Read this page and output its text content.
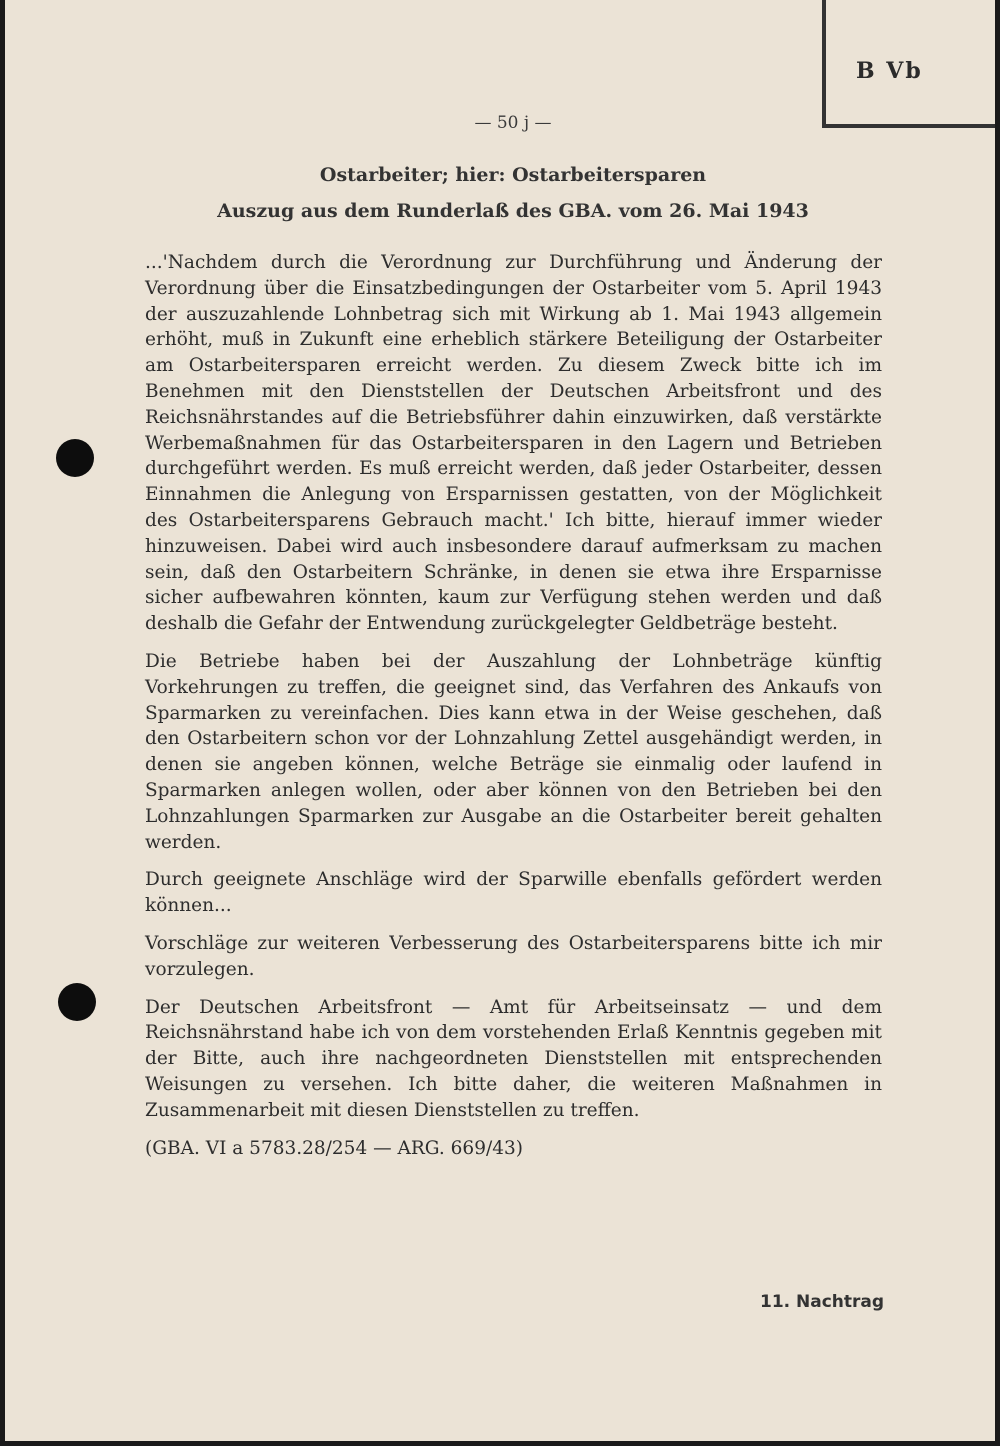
B Vb
— 50 j —
Ostarbeiter; hier: Ostarbeitersparen
Auszug aus dem Runderlaß des GBA. vom 26. Mai 1943

...'Nachdem durch die Verordnung zur Durchführung und Änderung der Verordnung über die Einsatzbedingungen der Ostarbeiter vom 5. April 1943 der auszuzahlende Lohnbetrag sich mit Wirkung ab 1. Mai 1943 allgemein erhöht, muß in Zukunft eine erheblich stärkere Beteiligung der Ostarbeiter am Ostarbeitersparen erreicht werden. Zu diesem Zweck bitte ich im Benehmen mit den Dienststellen der Deutschen Arbeitsfront und des Reichsnährstandes auf die Betriebsführer dahin einzuwirken, daß verstärkte Werbemaßnahmen für das Ostarbeitersparen in den Lagern und Betrieben durchgeführt werden. Es muß erreicht werden, daß jeder Ostarbeiter, dessen Einnahmen die Anlegung von Ersparnissen gestatten, von der Möglichkeit des Ostarbeitersparens Gebrauch macht.' Ich bitte, hierauf immer wieder hinzuweisen. Dabei wird auch insbesondere darauf aufmerksam zu machen sein, daß den Ostarbeitern Schränke, in denen sie etwa ihre Ersparnisse sicher aufbewahren könnten, kaum zur Verfügung stehen werden und daß deshalb die Gefahr der Entwendung zurückgelegter Geldbeträge besteht.

Die Betriebe haben bei der Auszahlung der Lohnbeträge künftig Vorkehrungen zu treffen, die geeignet sind, das Verfahren des Ankaufs von Sparmarken zu vereinfachen. Dies kann etwa in der Weise geschehen, daß den Ostarbeitern schon vor der Lohnzahlung Zettel ausgehändigt werden, in denen sie angeben können, welche Beträge sie einmalig oder laufend in Sparmarken anlegen wollen, oder aber können von den Betrieben bei den Lohnzahlungen Sparmarken zur Ausgabe an die Ostarbeiter bereit gehalten werden.

Durch geeignete Anschläge wird der Sparwille ebenfalls gefördert werden können...

Vorschläge zur weiteren Verbesserung des Ostarbeitersparens bitte ich mir vorzulegen.

Der Deutschen Arbeitsfront — Amt für Arbeitseinsatz — und dem Reichsnährstand habe ich von dem vorstehenden Erlaß Kenntnis gegeben mit der Bitte, auch ihre nachgeordneten Dienststellen mit entsprechenden Weisungen zu versehen. Ich bitte daher, die weiteren Maßnahmen in Zusammenarbeit mit diesen Dienststellen zu treffen.

(GBA. VI a 5783.28/254 — ARG. 669/43)

11. Nachtrag
